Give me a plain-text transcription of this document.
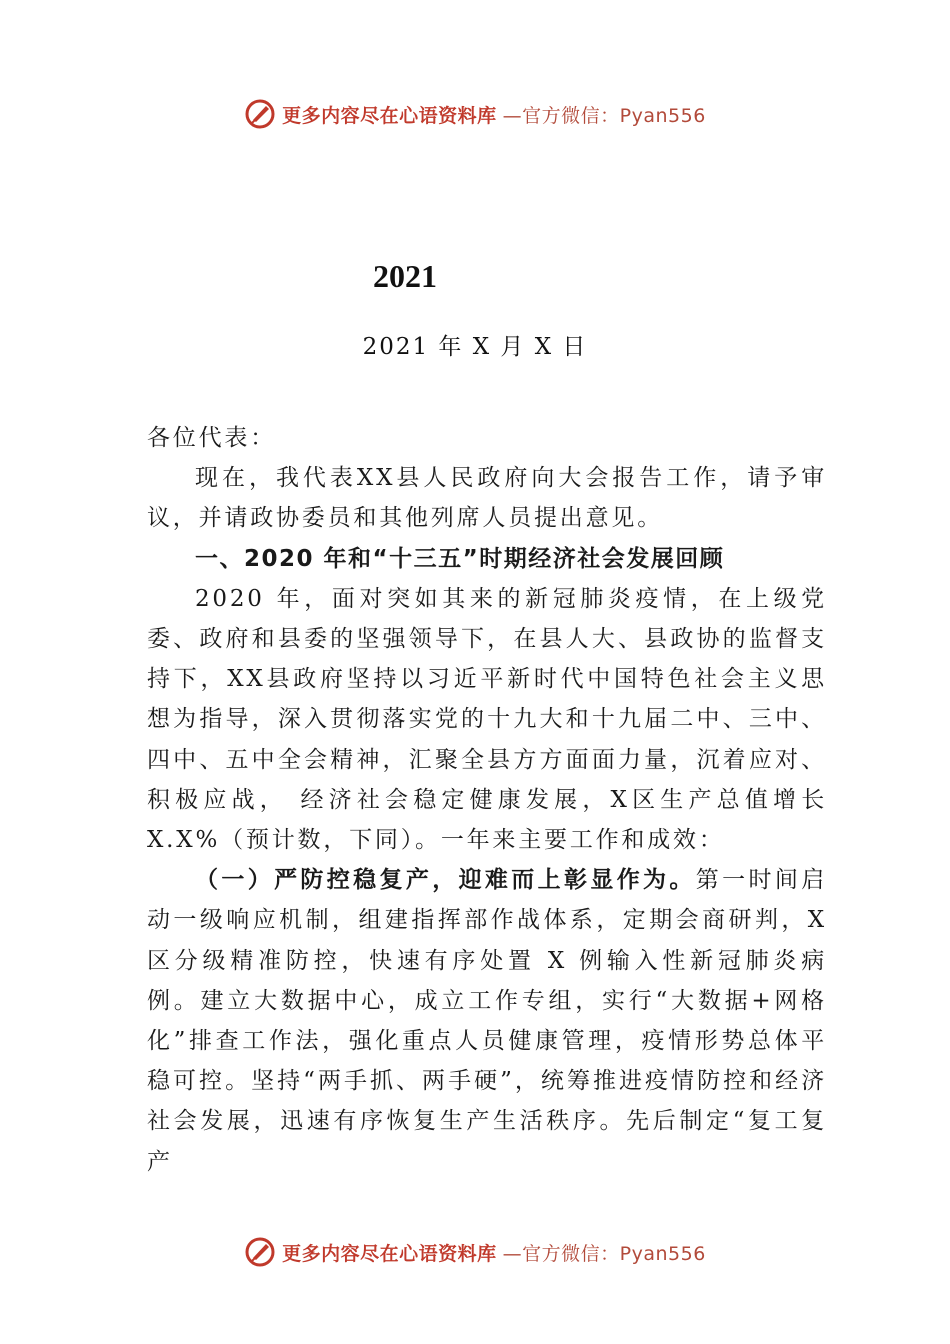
更多内容尽在心语资料库 —官方微信：Pyan556
2021
2021 年 X 月 X 日

各位代表：

现在，我代表XX县人民政府向大会报告工作，请予审议，并请政协委员和其他列席人员提出意见。

一、2020 年和“十三五”时期经济社会发展回顾

2020 年，面对突如其来的新冠肺炎疫情，在上级党委、政府和县委的坚强领导下，在县人大、县政协的监督支持下，XX县政府坚持以习近平新时代中国特色社会主义思想为指导，深入贯彻落实党的十九大和十九届二中、三中、四中、五中全会精神，汇聚全县方方面面力量，沉着应对、积极应战， 经济社会稳定健康发展，X区生产总值增长 X.X%（预计数，下同）。一年来主要工作和成效：

（一）严防控稳复产，迎难而上彰显作为。第一时间启动一级响应机制，组建指挥部作战体系，定期会商研判，X区分级精准防控，快速有序处置 X 例输入性新冠肺炎病例。建立大数据中心，成立工作专组，实行“大数据+网格化”排查工作法，强化重点人员健康管理，疫情形势总体平稳可控。坚持“两手抓、两手硬”，统筹推进疫情防控和经济社会发展，迅速有序恢复生产生活秩序。先后制定“复工复产

更多内容尽在心语资料库 —官方微信：Pyan556
